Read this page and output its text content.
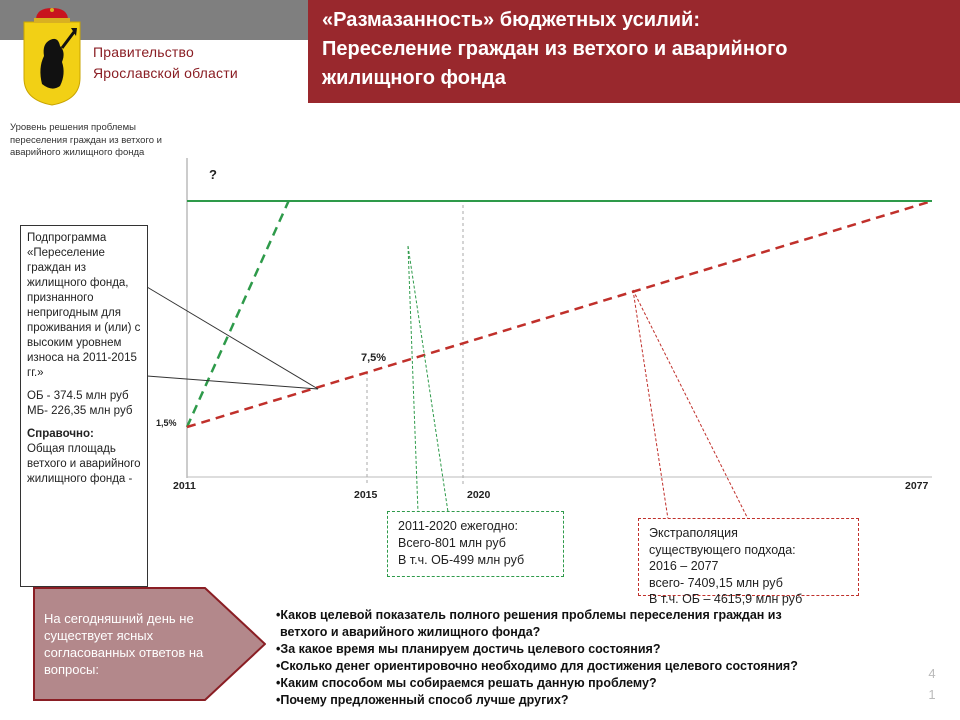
Правительство
Ярославской области
«Размазанность» бюджетных усилий:
Переселение граждан из ветхого и аварийного
жилищного фонда
Уровень решения проблемы переселения граждан из ветхого и аварийного жилищного фонда
1,5%
7,5%
?
2011
2015	2020
2077

Подпрограмма «Переселение граждан из жилищного фонда, признанного непригодным для проживания и (или) с высоким уровнем износа на 2011-2015 гг.»

ОБ - 374.5 млн руб

МБ- 226,35 млн руб

Справочно:

Общая площадь ветхого и аварийного жилищного фонда -

2011-2020 ежегодно:
Всего-801 млн руб
В т.ч. ОБ-499 млн руб
Экстраполяция
существующего подхода:
2016 – 2077
всего- 7409,15 млн руб
В т.ч. ОБ – 4615,9 млн руб
На сегодняшний день не существует ясных согласованных ответов на вопросы:
•Каков целевой показатель полного решения проблемы переселения граждан из
ветхого и аварийного жилищного фонда?
•За какое время мы планируем достичь целевого состояния?
•Сколько денег ориентировочно необходимо для достижения целевого состояния?
•Каким способом мы собираемся решать данную проблему?
•Почему предложенный способ лучше других?
4
1
